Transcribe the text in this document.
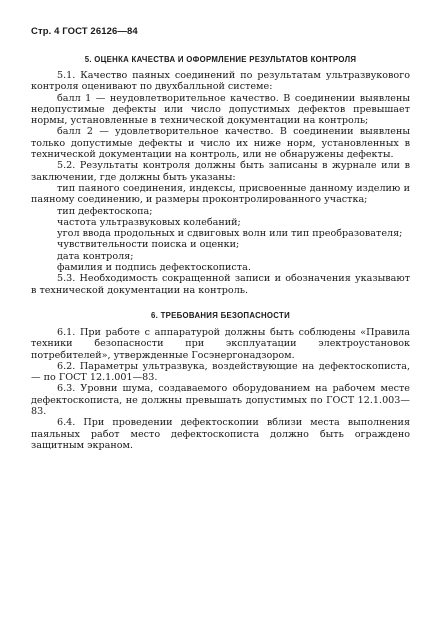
Стр. 4 ГОСТ 26126—84
5. ОЦЕНКА КАЧЕСТВА И ОФОРМЛЕНИЕ РЕЗУЛЬТАТОВ КОНТРОЛЯ

5.1. Качество паяных соединений по результатам ультразвукового контроля оценивают по двухбалльной системе:

балл 1 — неудовлетворительное качество. В соединении выявлены недопустимые дефекты или число допустимых дефектов превышает нормы, установленные в технической документации на контроль;

балл 2 — удовлетворительное качество. В соединении выявлены только допустимые дефекты и число их ниже норм, установленных в технической документации на контроль, или не обнаружены дефекты.

5.2. Результаты контроля должны быть записаны в журнале или в заключении, где должны быть указаны:

тип паяного соединения, индексы, присвоенные данному изделию и паяному соединению, и размеры проконтролированного участка;

тип дефектоскопа;

частота ультразвуковых колебаний;

угол ввода продольных и сдвиговых волн или тип преобразователя;

чувствительности поиска и оценки;

дата контроля;

фамилия и подпись дефектоскописта.

5.3. Необходимость сокращенной записи и обозначения указывают в технической документации на контроль.

6. ТРЕБОВАНИЯ БЕЗОПАСНОСТИ

6.1. При работе с аппаратурой должны быть соблюдены «Правила техники безопасности при эксплуатации электроустановок потребителей», утвержденные Госэнергонадзором.

6.2. Параметры ультразвука, воздействующие на дефектоскописта, — по ГОСТ 12.1.001—83.

6.3. Уровни шума, создаваемого оборудованием на рабочем месте дефектоскописта, не должны превышать допустимых по ГОСТ 12.1.003—83.

6.4. При проведении дефектоскопии вблизи места выполнения паяльных работ место дефектоскописта должно быть ограждено защитным экраном.
